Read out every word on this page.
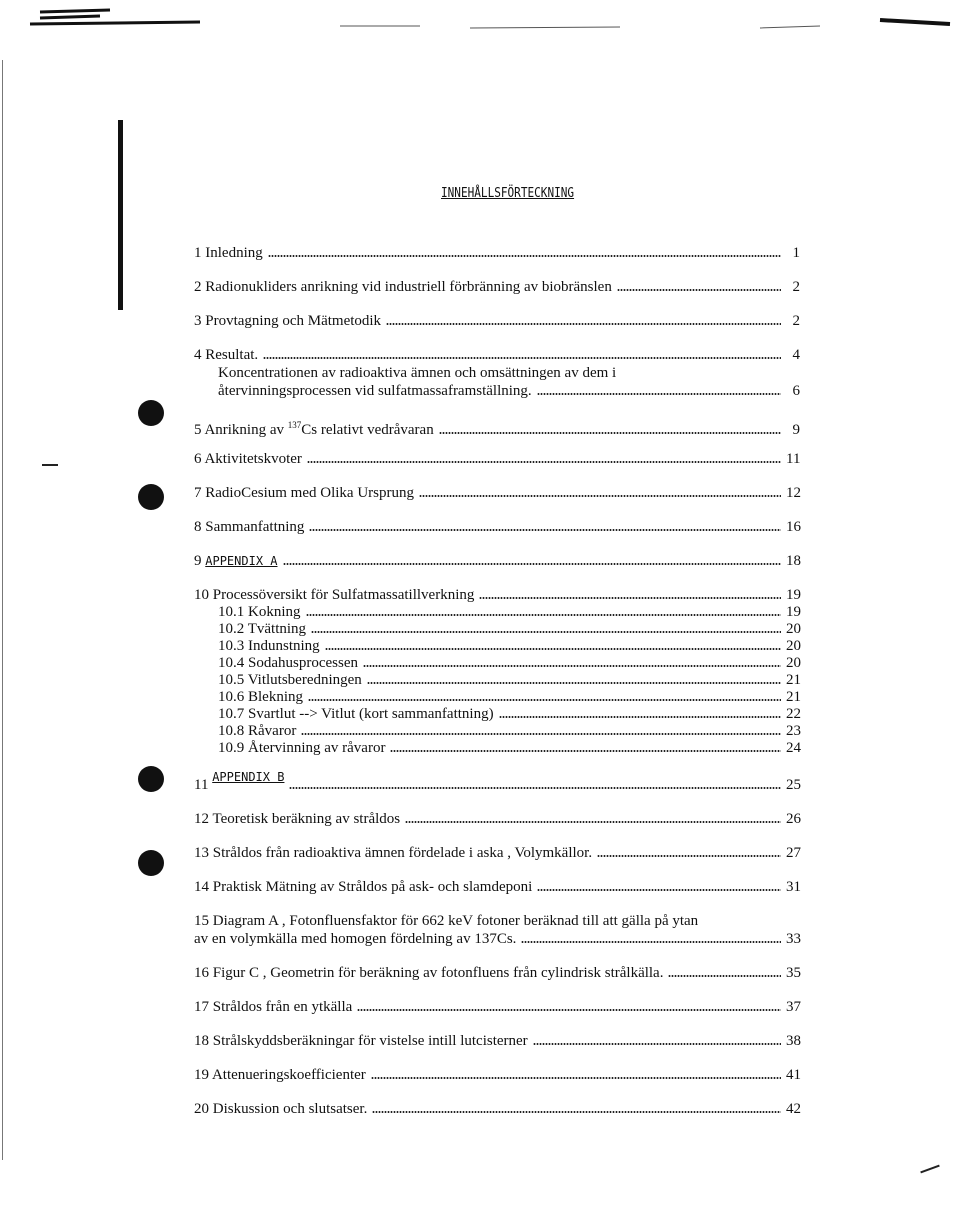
INNEHÅLLSFÖRTECKNING
1 Inledning	1
2 Radionukliders anrikning vid industriell förbränning av biobränslen	2
3 Provtagning och Mätmetodik	2
4 Resultat.	4
Koncentrationen av radioaktiva ämnen och omsättningen av dem i
återvinningsprocessen vid sulfatmassaframställning.	6
5 Anrikning av $^{137}$Cs relativt vedråvaran	9
6 Aktivitetskvoter	11
7 RadioCesium med Olika Ursprung	12
8 Sammanfattning	16
9 APPENDIX A	18
10 Processöversikt för Sulfatmassatillverkning	19
10.1 Kokning	19
10.2 Tvättning	20
10.3 Indunstning	20
10.4 Sodahusprocessen	20
10.5 Vitlutsberedningen	21
10.6 Blekning	21
10.7 Svartlut --> Vitlut (kort sammanfattning)	22
10.8 Råvaror	23
10.9 Återvinning av råvaror	24
11 $^{APPENDIX B}$	25
12 Teoretisk beräkning av stråldos	26
13 Stråldos från radioaktiva ämnen fördelade i aska , Volymkällor.	27
14 Praktisk Mätning av Stråldos på ask- och slamdeponi	31
15 Diagram A , Fotonfluensfaktor för 662 keV fotoner beräknad till att gälla på ytan
av en volymkälla med homogen fördelning av 137Cs.	33
16 Figur C , Geometrin för beräkning av fotonfluens från cylindrisk strålkälla.	35
17 Stråldos från en ytkälla	37
18 Strålskyddsberäkningar för vistelse intill lutcisterner	38
19 Attenueringskoefficienter	41
20 Diskussion och slutsatser.	42
